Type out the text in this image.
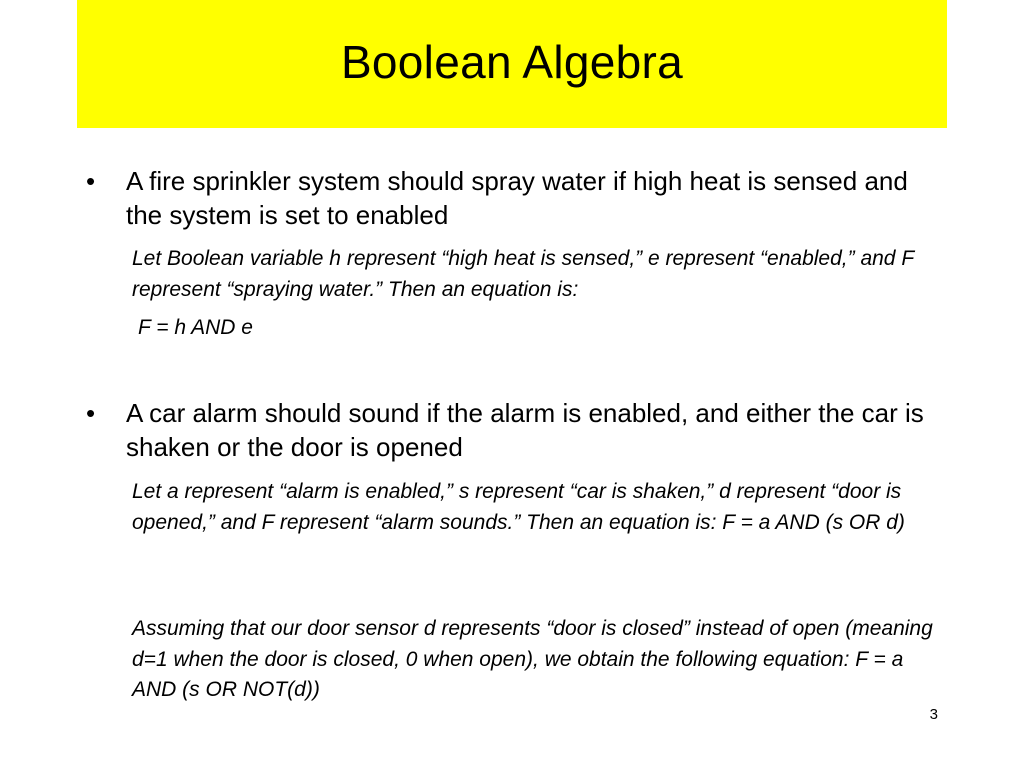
Boolean Algebra
•	A fire sprinkler system should spray water if high heat is sensed and the system is set to enabled
Let Boolean variable h represent “high heat is sensed,” e represent “enabled,” and F represent “spraying water.” Then an equation is:
F = h AND e
•	A car alarm should sound if the alarm is enabled, and either the car is shaken or the door is opened
Let a represent “alarm is enabled,” s represent “car is shaken,” d represent “door is opened,” and F represent “alarm sounds.” Then an equation is: F = a AND (s OR d)
Assuming that our door sensor d represents “door is closed” instead of open (meaning d=1 when the door is closed, 0 when open), we obtain the following equation: F = a AND (s OR NOT(d))
3
